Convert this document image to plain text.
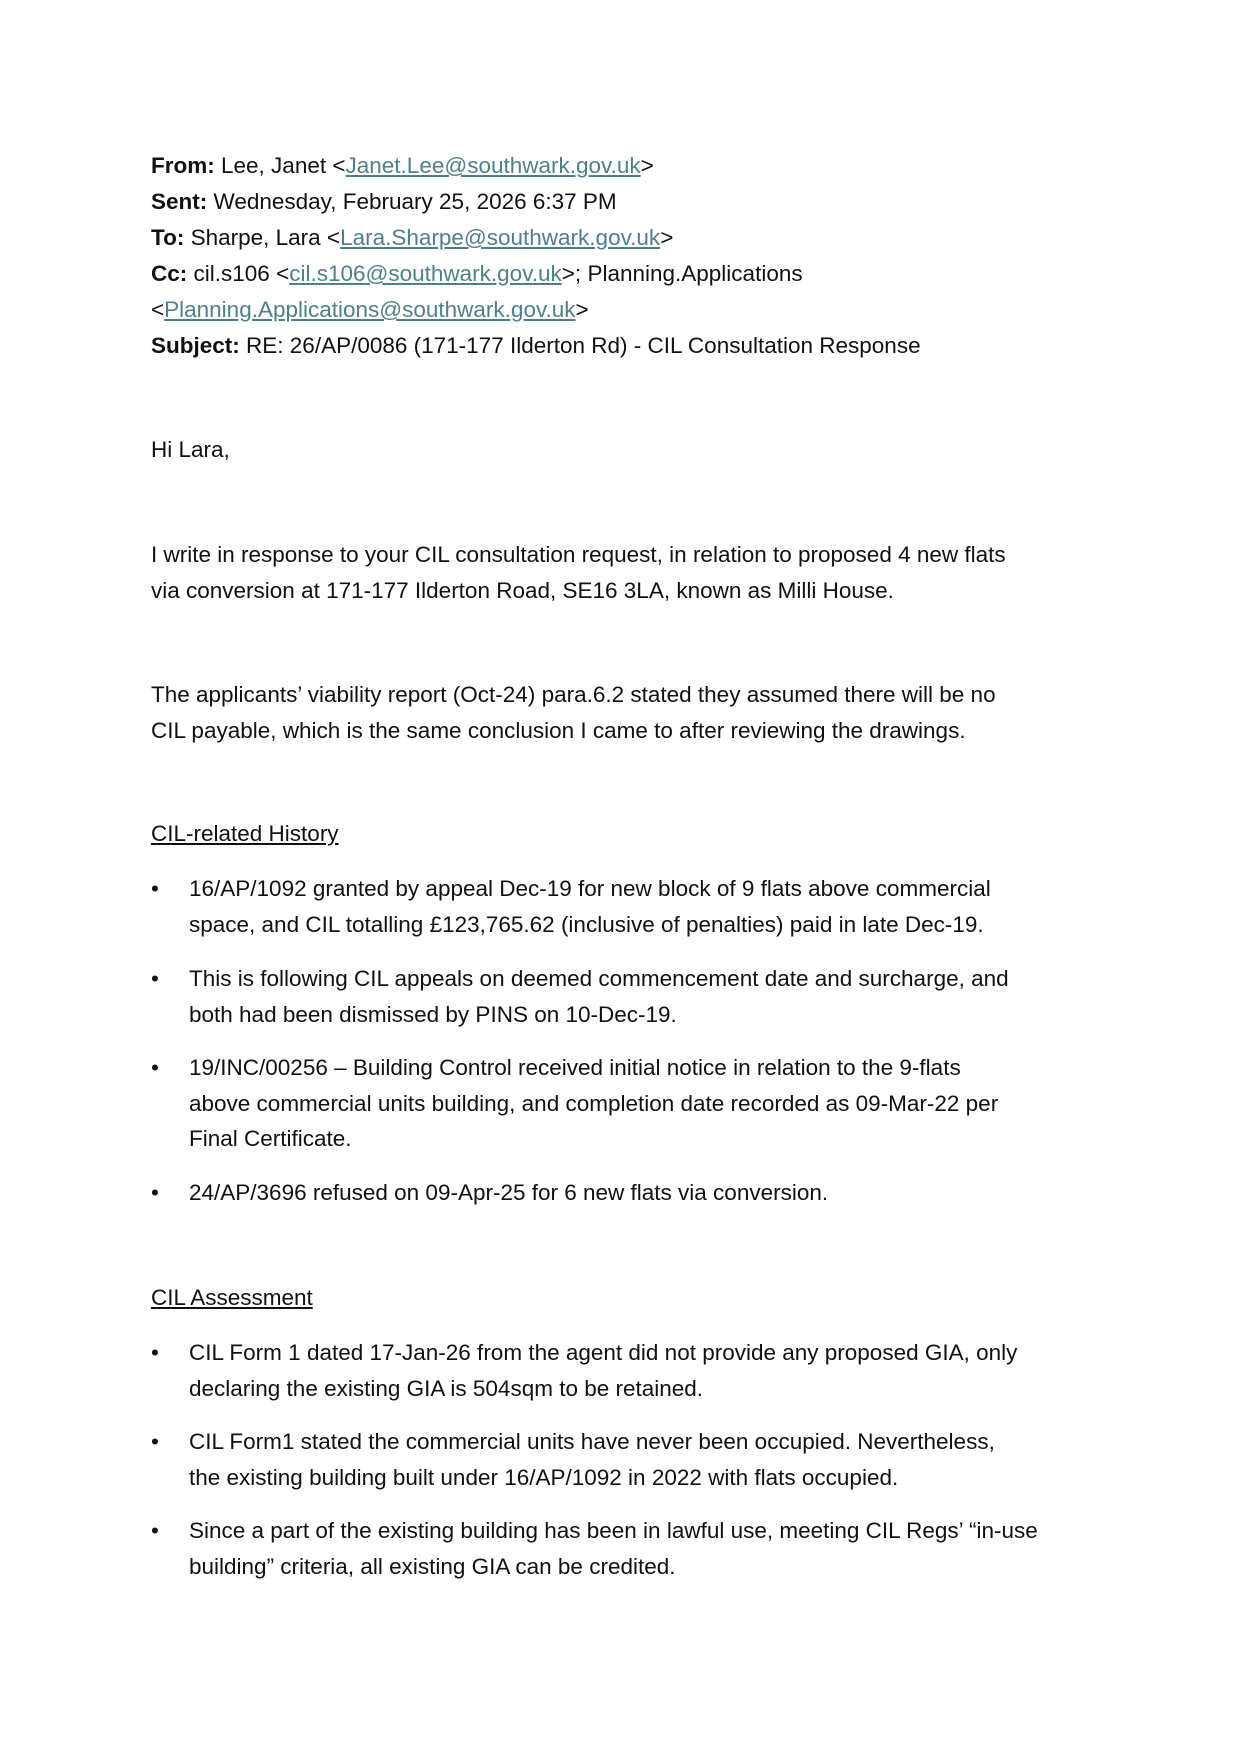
From: Lee, Janet <Janet.Lee@southwark.gov.uk>
Sent: Wednesday, February 25, 2026 6:37 PM
To: Sharpe, Lara <Lara.Sharpe@southwark.gov.uk>
Cc: cil.s106 <cil.s106@southwark.gov.uk>; Planning.Applications
<Planning.Applications@southwark.gov.uk>
Subject: RE: 26/AP/0086 (171-177 Ilderton Rd) - CIL Consultation Response
Hi Lara,
I write in response to your CIL consultation request, in relation to proposed 4 new flats
via conversion at 171-177 Ilderton Road, SE16 3LA, known as Milli House.
The applicants’ viability report (Oct-24) para.6.2 stated they assumed there will be no
CIL payable, which is the same conclusion I came to after reviewing the drawings.
CIL-related History
• 16/AP/1092 granted by appeal Dec-19 for new block of 9 flats above commercial
space, and CIL totalling £123,765.62 (inclusive of penalties) paid in late Dec-19.
• This is following CIL appeals on deemed commencement date and surcharge, and
both had been dismissed by PINS on 10-Dec-19.
• 19/INC/00256 – Building Control received initial notice in relation to the 9-flats
above commercial units building, and completion date recorded as 09-Mar-22 per
Final Certificate.
• 24/AP/3696 refused on 09-Apr-25 for 6 new flats via conversion.
CIL Assessment
• CIL Form 1 dated 17-Jan-26 from the agent did not provide any proposed GIA, only
declaring the existing GIA is 504sqm to be retained.
• CIL Form1 stated the commercial units have never been occupied. Nevertheless,
the existing building built under 16/AP/1092 in 2022 with flats occupied.
• Since a part of the existing building has been in lawful use, meeting CIL Regs’ “in-use
building” criteria, all existing GIA can be credited.
